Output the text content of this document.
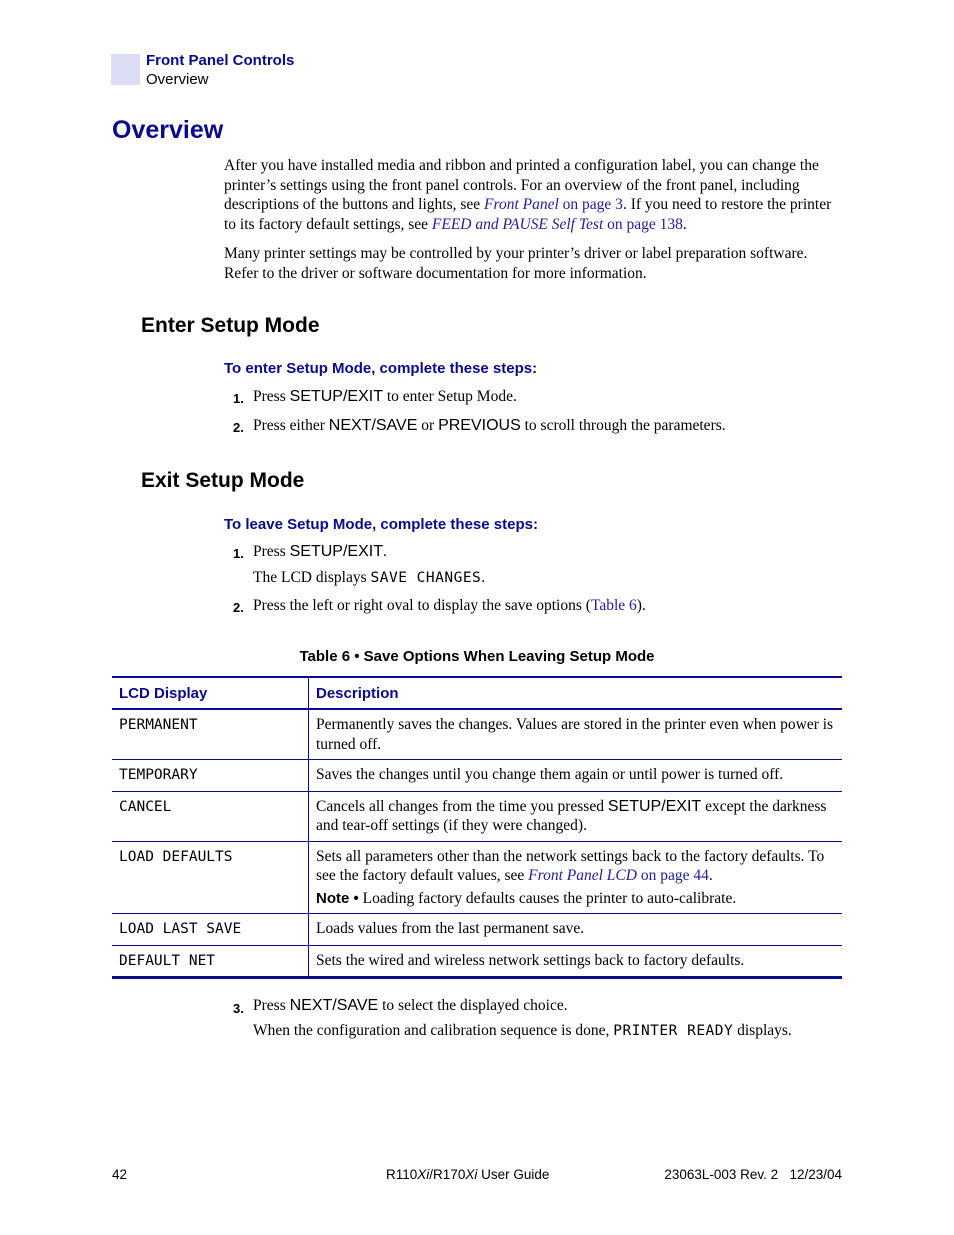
Front Panel Controls
Overview
Overview
After you have installed media and ribbon and printed a configuration label, you can change the printer’s settings using the front panel controls. For an overview of the front panel, including descriptions of the buttons and lights, see Front Panel on page 3. If you need to restore the printer to its factory default settings, see FEED and PAUSE Self Test on page 138.
Many printer settings may be controlled by your printer’s driver or label preparation software. Refer to the driver or software documentation for more information.
Enter Setup Mode
To enter Setup Mode, complete these steps:
1. Press SETUP/EXIT to enter Setup Mode.
2. Press either NEXT/SAVE or PREVIOUS to scroll through the parameters.
Exit Setup Mode
To leave Setup Mode, complete these steps:
1. Press SETUP/EXIT.
The LCD displays SAVE CHANGES.
2. Press the left or right oval to display the save options (Table 6).
Table 6 • Save Options When Leaving Setup Mode
LCD Display	Description
PERMANENT	Permanently saves the changes. Values are stored in the printer even when power is turned off.
TEMPORARY	Saves the changes until you change them again or until power is turned off.
CANCEL	Cancels all changes from the time you pressed SETUP/EXIT except the darkness and tear-off settings (if they were changed).
LOAD DEFAULTS	Sets all parameters other than the network settings back to the factory defaults. To see the factory default values, see Front Panel LCD on page 44.
Note • Loading factory defaults causes the printer to auto-calibrate.

LOAD LAST SAVE	Loads values from the last permanent save.
DEFAULT NET	Sets the wired and wireless network settings back to factory defaults.
3. Press NEXT/SAVE to select the displayed choice.
When the configuration and calibration sequence is done, PRINTER READY displays.
42	R110Xi/R170Xi User Guide	23063L-003 Rev. 2   12/23/04
